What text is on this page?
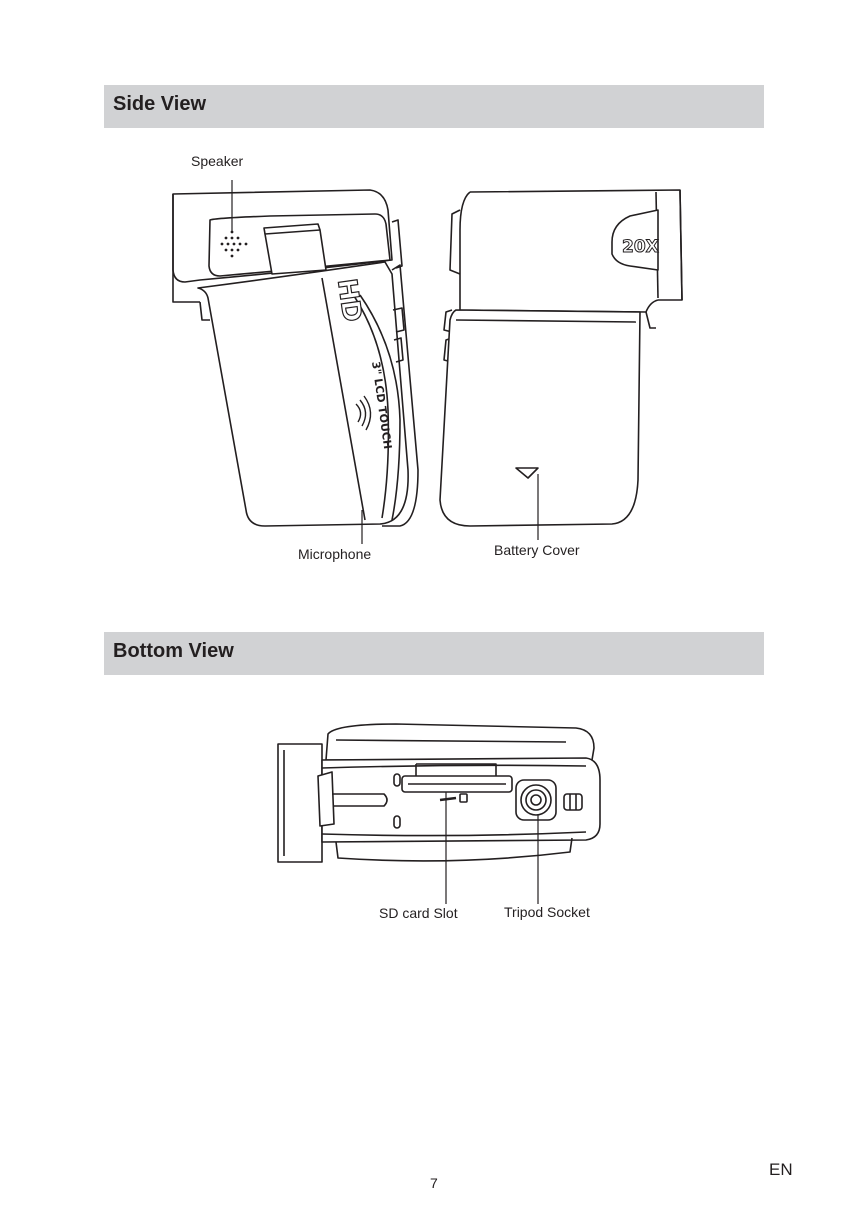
Side View
Speaker
Microphone	Battery Cover
HD
3" LCD TOUCH
20X
Bottom View
SD card Slot	Tripod Socket
7
EN
